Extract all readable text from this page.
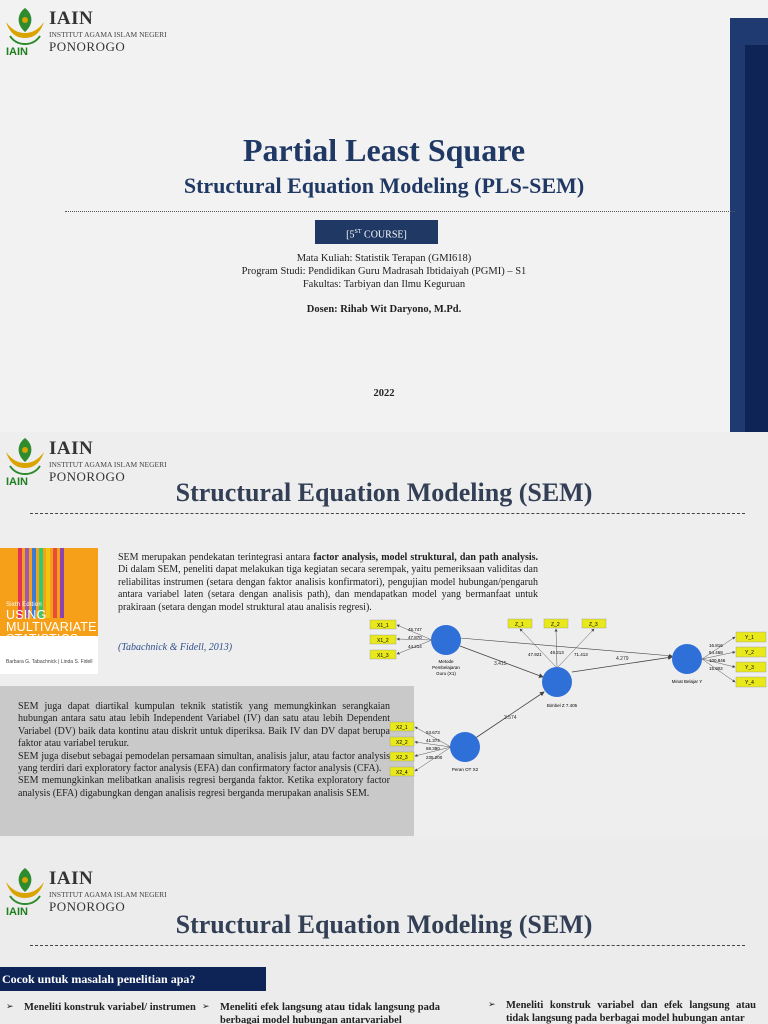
IAIN
IAIN
INSTITUT AGAMA ISLAM NEGERI
PONOROGO
Partial Least Square
Structural Equation Modeling (PLS-SEM)
[5ST COURSE]
Mata Kuliah: Statistik Terapan (GMI618)
Program Studi: Pendidikan Guru Madrasah Ibtidaiyah (PGMI) – S1
Fakultas: Tarbiyan dan Ilmu Keguruan
Dosen: Rihab Wit Daryono, M.Pd.
2022
IAIN
IAIN
INSTITUT AGAMA ISLAM NEGERI
PONOROGO
Structural Equation Modeling (SEM)
Sixth Edition
USING
MULTIVARIATE

Barbara G. Tabachnick | Linda S. Fidell
SEM merupakan pendekatan terintegrasi antara factor analysis, model struktural, dan path analysis. Di dalam SEM, peneliti dapat melakukan tiga kegiatan secara serempak, yaitu pemeriksaan validitas dan reliabilitas instrumen (setara dengan faktor analisis konfirmatori), pengujian model hubungan/pengaruh antara variabel laten (setara dengan analisis path), dan mendapatkan model yang bermanfaat untuk prakiraan (setara dengan model struktural atau analisis regresi).
(Tabachnick & Fidell, 2013)

SEM juga dapat diartikal kumpulan teknik statistik yang memungkinkan serangkaian hubungan antara satu atau lebih Independent Variabel (IV) dan satu atau lebih Dependent Variabel (DV) baik data kontinu atau diskrit untuk diperiksa. Baik IV dan DV dapat berupa faktor atau variabel terukur.

SEM juga disebut sebagai pemodelan persamaan simultan, analisis jalur, atau factor analysis yang terdiri dari exploratory factor analysis (EFA) dan confirmatory factor analysis (CFA).

SEM memungkinkan melibatkan analisis regresi berganda faktor. Ketika exploratory factor analysis (EFA) digabungkan dengan analisis regresi berganda merupakan analisis SEM.

3.415
4.279
3.574
X1_1
X1_2
X1_3
45.747
47.870
44.214
Metode
Pembelajaran
Guru (X1)
Z_1	Z_2	Z_3
47.921 49.213 71.413
Bimbel Z 7.405
X2_1
X2_2
X2_3
X2_4
53.673
41.374
68.390
235.200
Peran OT X2
Y_1
Y_2
Y_3
Y_4
16.816
54.468
100.846
15.902
Minat Belajar Y
IAIN
IAIN
INSTITUT AGAMA ISLAM NEGERI
PONOROGO
Structural Equation Modeling (SEM)
Cocok untuk masalah penelitian apa?
➢ Meneliti konstruk variabel/ instrumen ➢ Meneliti efek langsung atau tidak langsung pada berbagai model hubungan antarvariabel
➢ Meneliti konstruk variabel dan efek langsung atau tidak langsung pada berbagai model hubungan antar
